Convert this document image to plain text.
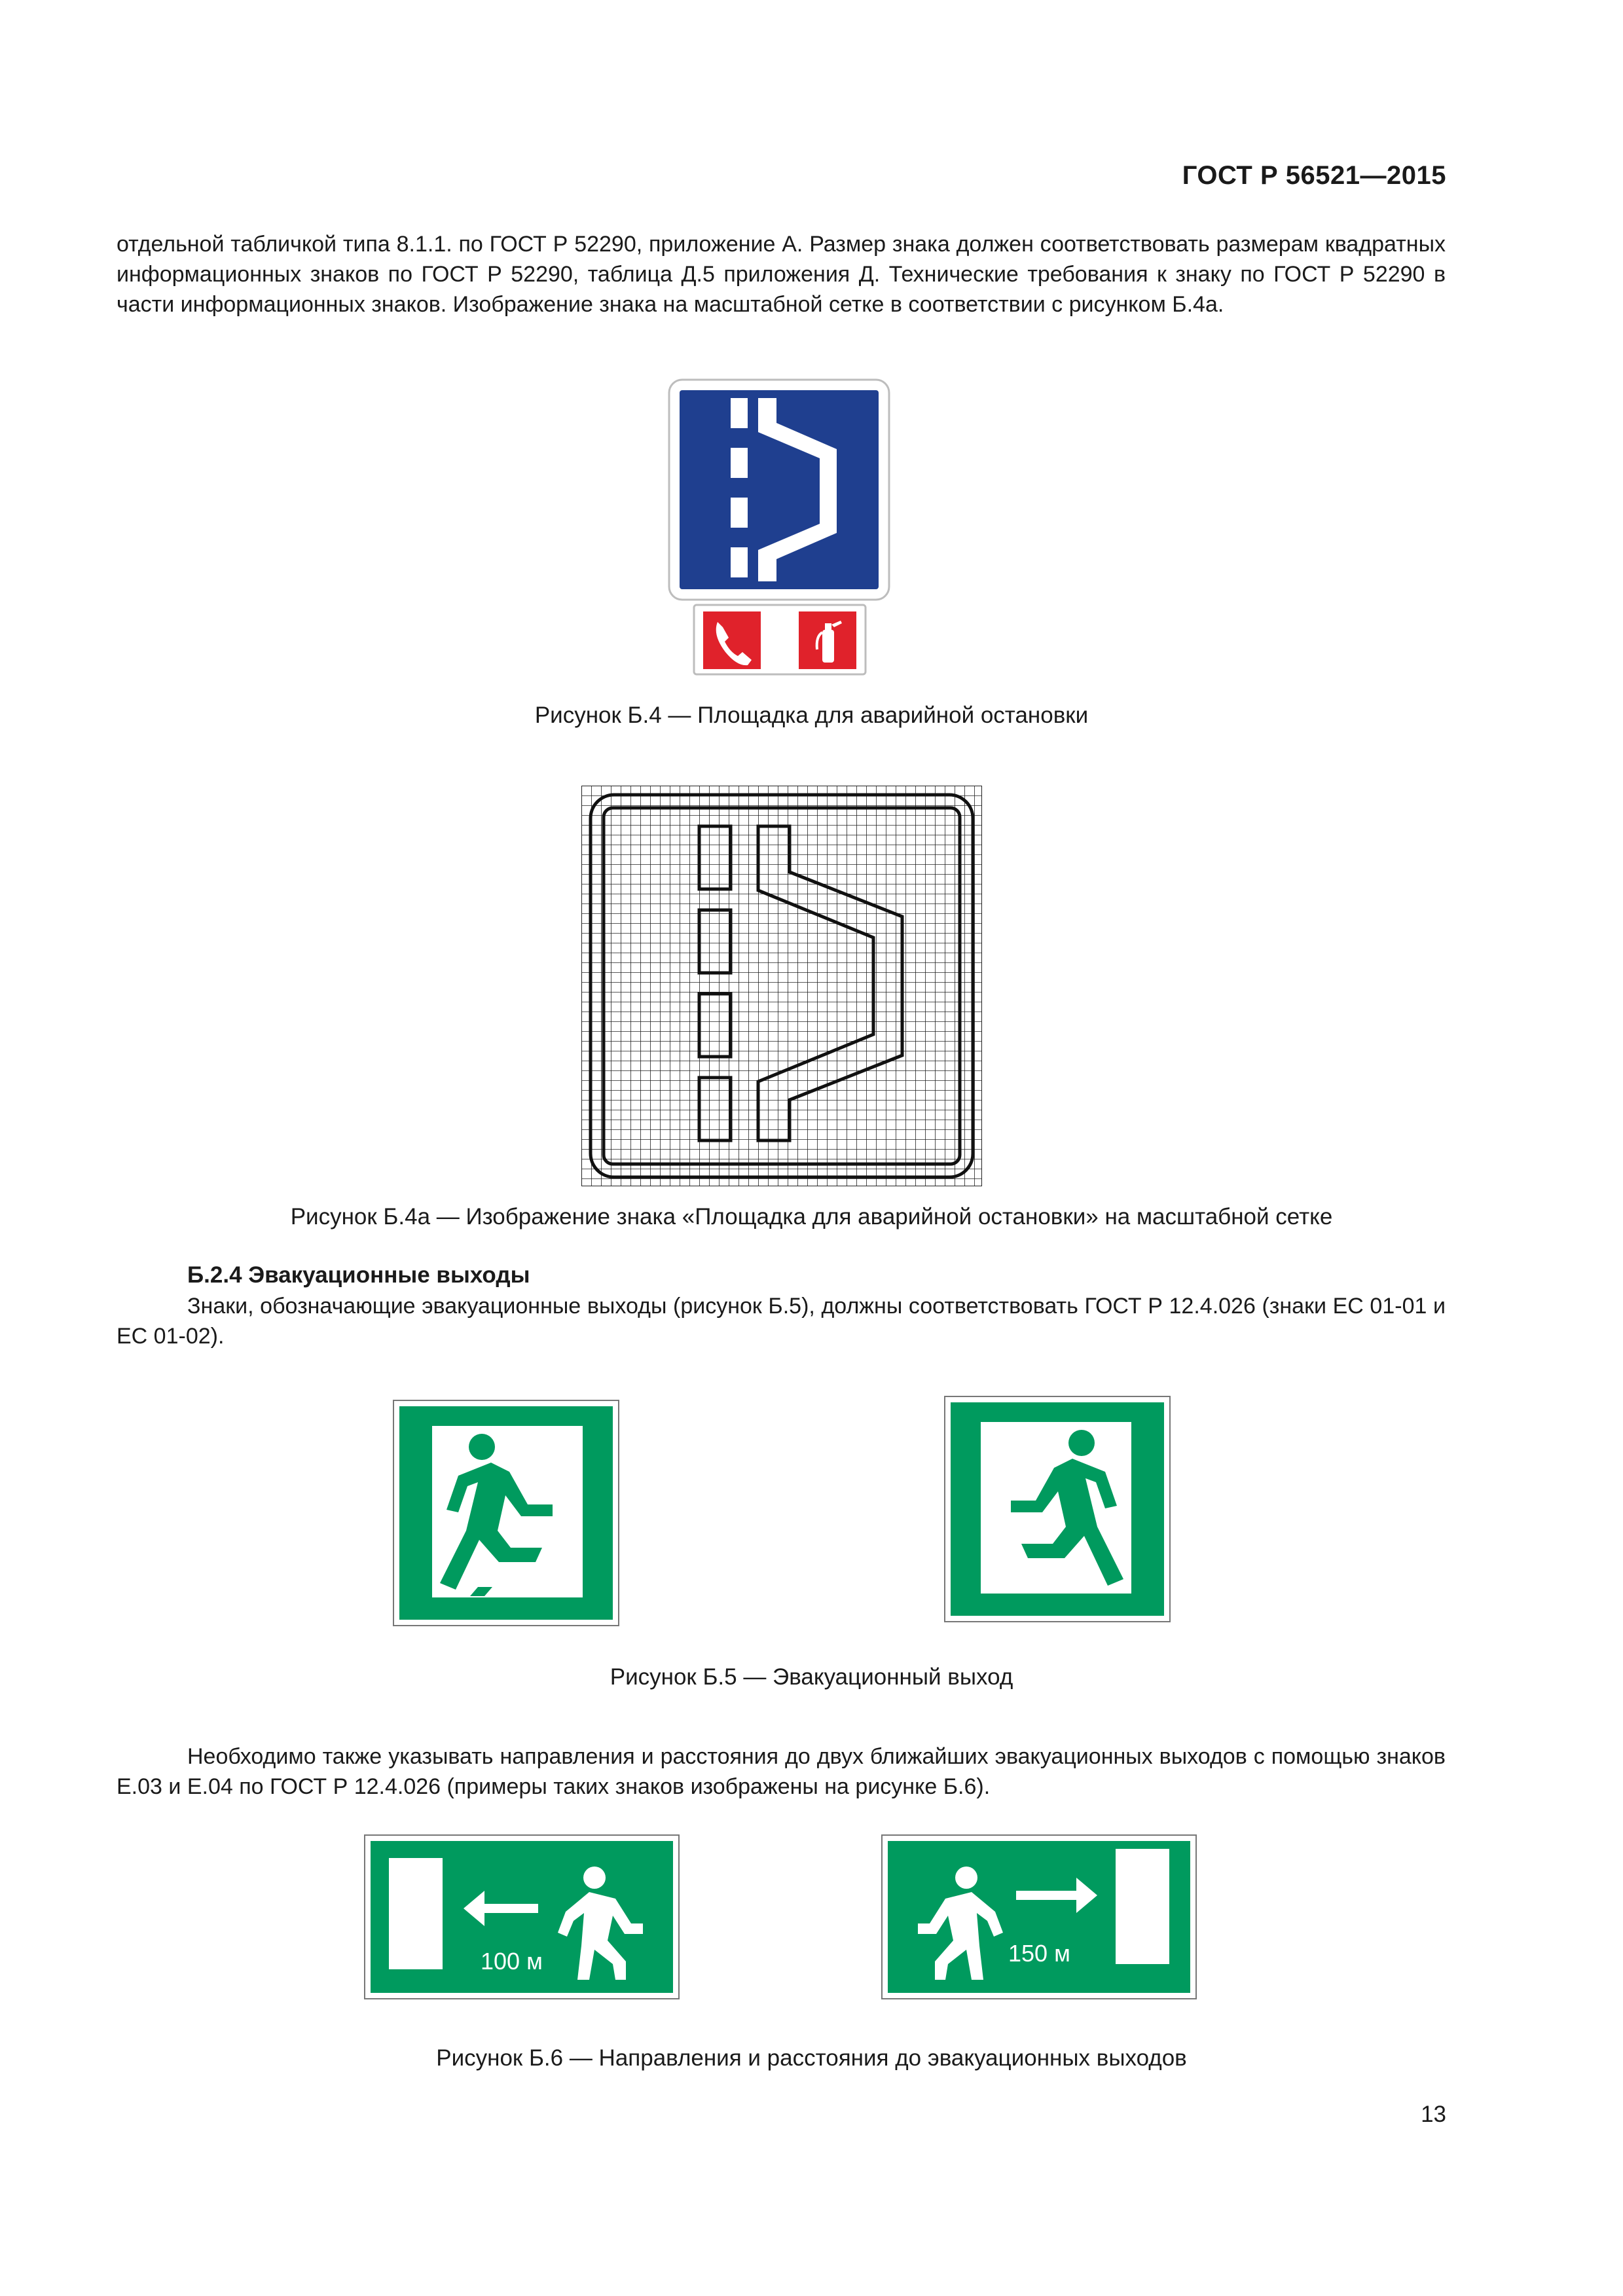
ГОСТ Р 56521—2015
отдельной табличкой типа 8.1.1. по ГОСТ Р 52290, приложение А. Размер знака должен соответствовать размерам квадратных информационных знаков по ГОСТ Р 52290, таблица Д.5 приложения Д. Технические требования к знаку по ГОСТ Р 52290 в части информационных знаков. Изображение знака на масштабной сетке в соответствии с рисунком Б.4а.
Рисунок Б.4 — Площадка для аварийной остановки
Рисунок Б.4а — Изображение знака «Площадка для аварийной остановки» на масштабной сетке
Б.2.4 Эвакуационные выходы
Знаки, обозначающие эвакуационные выходы (рисунок Б.5), должны соответствовать ГОСТ Р 12.4.026 (знаки ЕС 01-01 и ЕС 01-02).
Рисунок Б.5 — Эвакуационный выход
Необходимо также указывать направления и расстояния до двух ближайших эвакуационных выходов с помощью знаков Е.03 и Е.04 по ГОСТ Р 12.4.026 (примеры таких знаков изображены на рисунке Б.6).
100 м	150 м
Рисунок Б.6 — Направления и расстояния до эвакуационных выходов
13
